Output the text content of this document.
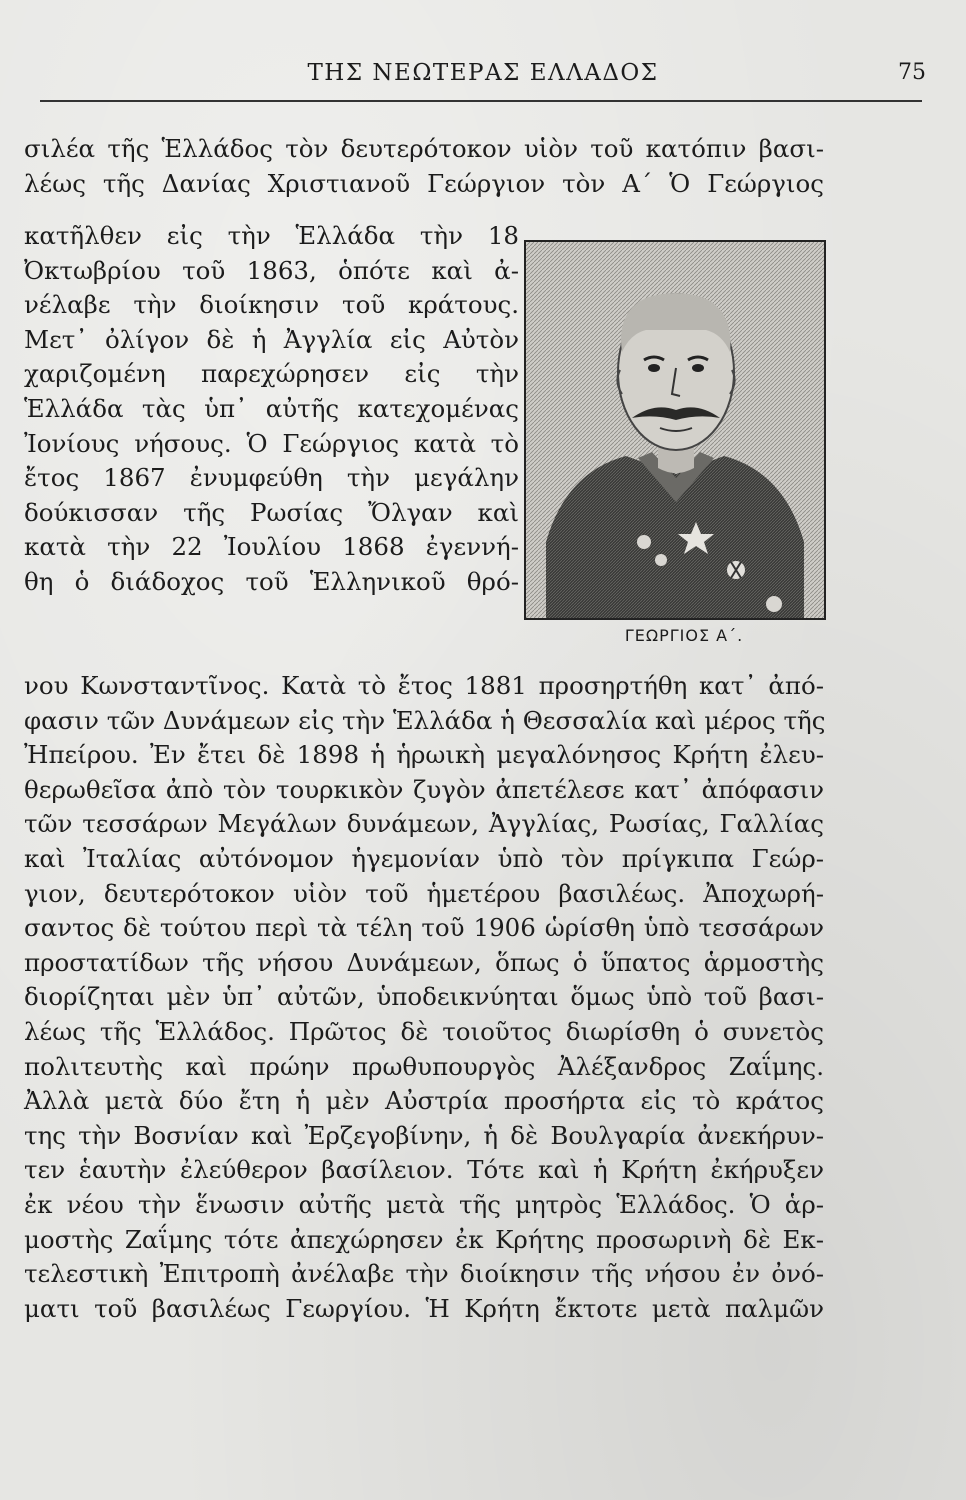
ΤΗΣ ΝΕΩΤΕΡΑΣ ΕΛΛΑΔΟΣ	75
σιλέα τῆς Ἑλλάδος τὸν δευτερότοκον υἱὸν τοῦ κατόπιν βασι-
λέως τῆς Δανίας Χριστιανοῦ Γεώργιον τὸν Α΄ Ὁ Γεώργιος
κατῆλθεν εἰς τὴν Ἑλλάδα τὴν 18
Ὀκτωβρίου τοῦ 1863, ὁπότε καὶ ἀ-
νέλαβε τὴν διοίκησιν τοῦ κράτους.
Μετ᾽ ὀλίγον δὲ ἡ Ἀγγλία εἰς Αὐτὸν
χαριζομένη παρεχώρησεν εἰς τὴν
Ἑλλάδα τὰς ὑπ᾽ αὐτῆς κατεχομένας
Ἰονίους νήσους. Ὁ Γεώργιος κατὰ τὸ
ἔτος 1867 ἐνυμφεύθη τὴν μεγάλην
δούκισσαν τῆς Ρωσίας Ὄλγαν καὶ
κατὰ τὴν 22 Ἰουλίου 1868 ἐγεννή-
θη ὁ διάδοχος τοῦ Ἑλληνικοῦ θρό-
ΓΕΩΡΓΙΟΣ Α΄.
νου Κωνσταντῖνος. Κατὰ τὸ ἔτος 1881 προσηρτήθη κατ᾽ ἀπό-
φασιν τῶν Δυνάμεων εἰς τὴν Ἑλλάδα ἡ Θεσσαλία καὶ μέρος τῆς
Ἠπείρου. Ἐν ἔτει δὲ 1898 ἡ ἡρωικὴ μεγαλόνησος Κρήτη ἐλευ-
θερωθεῖσα ἀπὸ τὸν τουρκικὸν ζυγὸν ἀπετέλεσε κατ᾽ ἀπόφασιν
τῶν τεσσάρων Μεγάλων δυνάμεων, Ἀγγλίας, Ρωσίας, Γαλλίας
καὶ Ἰταλίας αὐτόνομον ἡγεμονίαν ὑπὸ τὸν πρίγκιπα Γεώρ-
γιον, δευτερότοκον υἱὸν τοῦ ἡμετέρου βασιλέως. Ἀποχωρή-
σαντος δὲ τούτου περὶ τὰ τέλη τοῦ 1906 ὡρίσθη ὑπὸ τεσσάρων
προστατίδων τῆς νήσου Δυνάμεων, ὅπως ὁ ὕπατος ἁρμοστὴς
διορίζηται μὲν ὑπ᾽ αὐτῶν, ὑποδεικνύηται ὅμως ὑπὸ τοῦ βασι-
λέως τῆς Ἑλλάδος. Πρῶτος δὲ τοιοῦτος διωρίσθη ὁ συνετὸς
πολιτευτὴς καὶ πρώην πρωθυπουργὸς Ἀλέξανδρος Ζαΐμης.
Ἀλλὰ μετὰ δύο ἔτη ἡ μὲν Αὐστρία προσήρτα εἰς τὸ κράτος
της τὴν Βοσνίαν καὶ Ἐρζεγοβίνην, ἡ δὲ Βουλγαρία ἀνεκήρυν-
τεν ἑαυτὴν ἐλεύθερον βασίλειον. Τότε καὶ ἡ Κρήτη ἐκήρυξεν
ἐκ νέου τὴν ἕνωσιν αὐτῆς μετὰ τῆς μητρὸς Ἑλλάδος. Ὁ ἁρ-
μοστὴς Ζαΐμης τότε ἀπεχώρησεν ἐκ Κρήτης προσωρινὴ δὲ Εκ-
τελεστικὴ Ἐπιτροπὴ ἀνέλαβε τὴν διοίκησιν τῆς νήσου ἐν ὀνό-
ματι τοῦ βασιλέως Γεωργίου. Ἡ Κρήτη ἔκτοτε μετὰ παλμῶν
